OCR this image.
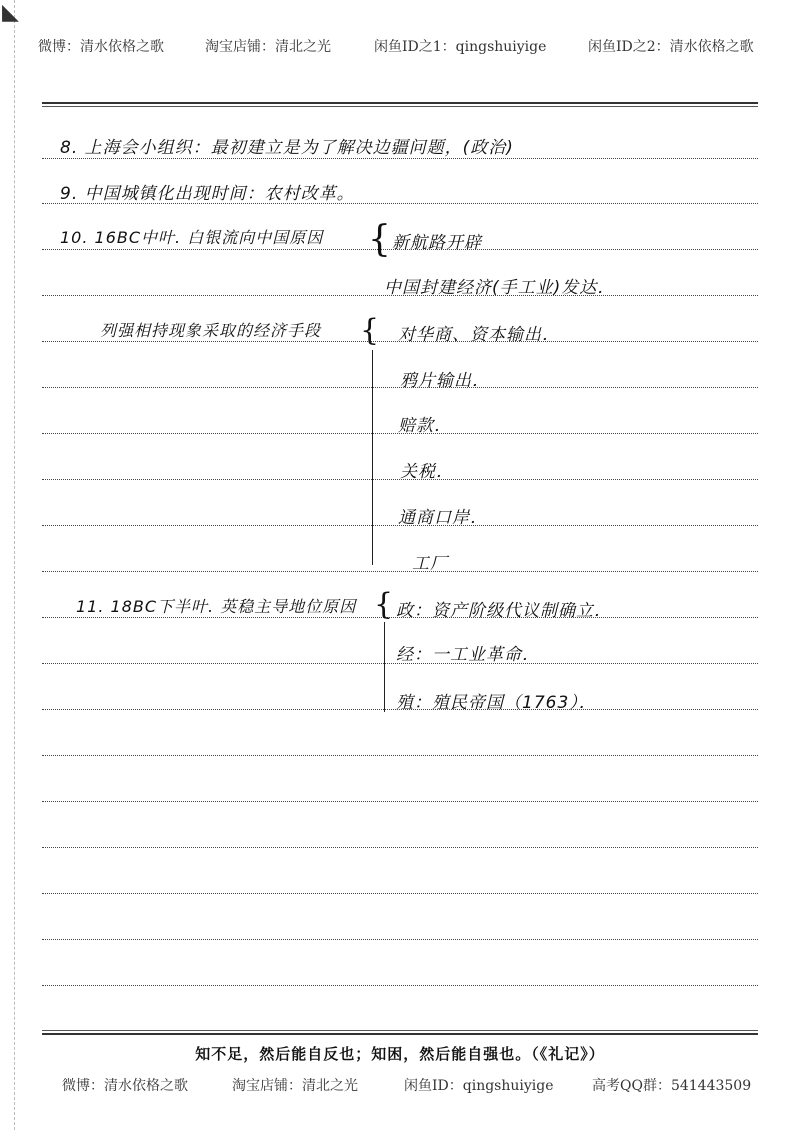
◣
微博：清水依格之歌	淘宝店铺：清北之光	闲鱼ID之1：qingshuiyige	闲鱼ID之2：清水依格之歌
8. 上海会小组织：最初建立是为了解决边疆问题，(政治)
9. 中国城镇化出现时间：农村改革。
10. 16BC中叶. 白银流向中国原因 { 新航路开辟
中国封建经济(手工业)发达．
列强相持现象采取的经济手段 { 对华商、资本输出．
鸦片输出．
赔款．
关税．
通商口岸．
工厂
11. 18BC下半叶. 英稳主导地位原因 { 政：资产阶级代议制确立．
经：一工业革命．
殖：殖民帝国（1763）．
知不足，然后能自反也；知困，然后能自强也。（《礼记》）
微博：清水依格之歌	淘宝店铺：清北之光	闲鱼ID：qingshuiyige	高考QQ群：541443509
